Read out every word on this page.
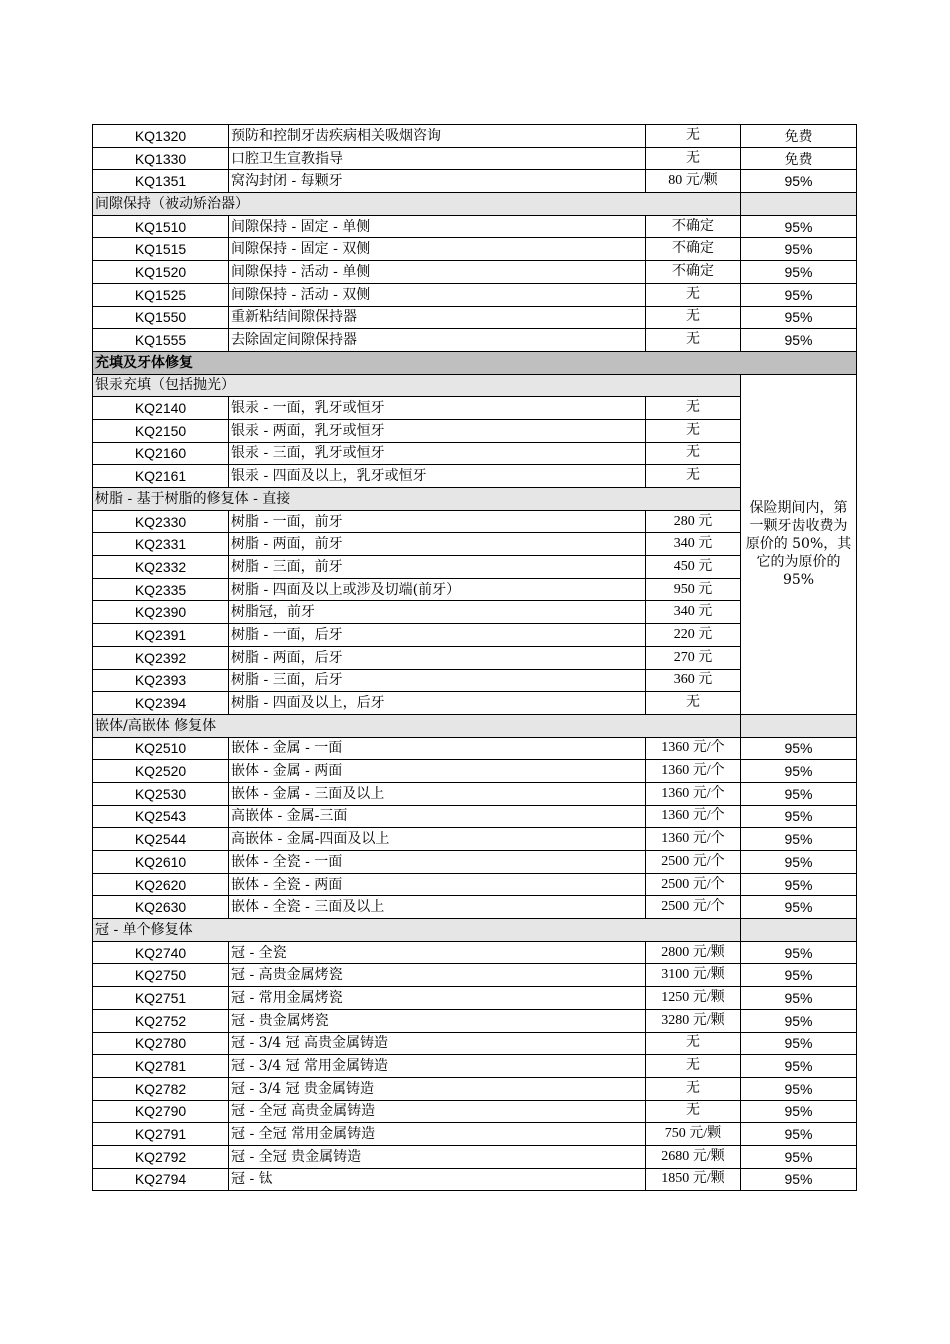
KQ1320	预防和控制牙齿疾病相关吸烟咨询	无	免费
KQ1330	口腔卫生宣教指导	无	免费
KQ1351	窝沟封闭 - 每颗牙	80 元/颗	95%
间隙保持（被动矫治器）			
KQ1510	间隙保持 - 固定 - 单侧	不确定	95%
KQ1515	间隙保持 - 固定 - 双侧	不确定	95%
KQ1520	间隙保持 - 活动 - 单侧	不确定	95%
KQ1525	间隙保持 - 活动 - 双侧	无	95%
KQ1550	重新粘结间隙保持器	无	95%
KQ1555	去除固定间隙保持器	无	95%
充填及牙体修复			
银汞充填（包括抛光）			保险期间内，第一颗牙齿收费为原价的 50%，其它的为原价的 95%
KQ2140	银汞 - 一面，乳牙或恒牙	无	
KQ2150	银汞 - 两面，乳牙或恒牙	无	
KQ2160	银汞 - 三面，乳牙或恒牙	无	
KQ2161	银汞 - 四面及以上，乳牙或恒牙	无	
树脂 - 基于树脂的修复体 - 直接			
KQ2330	树脂 - 一面，前牙	280 元	
KQ2331	树脂 - 两面，前牙	340 元	
KQ2332	树脂 - 三面，前牙	450 元	
KQ2335	树脂 - 四面及以上或涉及切端(前牙）	950 元	
KQ2390	树脂冠，前牙	340 元	
KQ2391	树脂 - 一面，后牙	220 元	
KQ2392	树脂 - 两面，后牙	270 元	
KQ2393	树脂 - 三面，后牙	360 元	
KQ2394	树脂 - 四面及以上，后牙	无	
嵌体/高嵌体 修复体			
KQ2510	嵌体 - 金属 - 一面	1360 元/个	95%
KQ2520	嵌体 - 金属 - 两面	1360 元/个	95%
KQ2530	嵌体 - 金属 - 三面及以上	1360 元/个	95%
KQ2543	高嵌体 - 金属-三面	1360 元/个	95%
KQ2544	高嵌体 - 金属-四面及以上	1360 元/个	95%
KQ2610	嵌体 - 全瓷 - 一面	2500 元/个	95%
KQ2620	嵌体 - 全瓷 - 两面	2500 元/个	95%
KQ2630	嵌体 - 全瓷 - 三面及以上	2500 元/个	95%
冠 - 单个修复体			
KQ2740	冠 - 全瓷	2800 元/颗	95%
KQ2750	冠 - 高贵金属烤瓷	3100 元/颗	95%
KQ2751	冠 - 常用金属烤瓷	1250 元/颗	95%
KQ2752	冠 - 贵金属烤瓷	3280 元/颗	95%
KQ2780	冠 - 3/4 冠 高贵金属铸造	无	95%
KQ2781	冠 - 3/4 冠 常用金属铸造	无	95%
KQ2782	冠 - 3/4 冠 贵金属铸造	无	95%
KQ2790	冠 - 全冠 高贵金属铸造	无	95%
KQ2791	冠 - 全冠 常用金属铸造	750 元/颗	95%
KQ2792	冠 - 全冠 贵金属铸造	2680 元/颗	95%
KQ2794	冠 - 钛	1850 元/颗	95%
